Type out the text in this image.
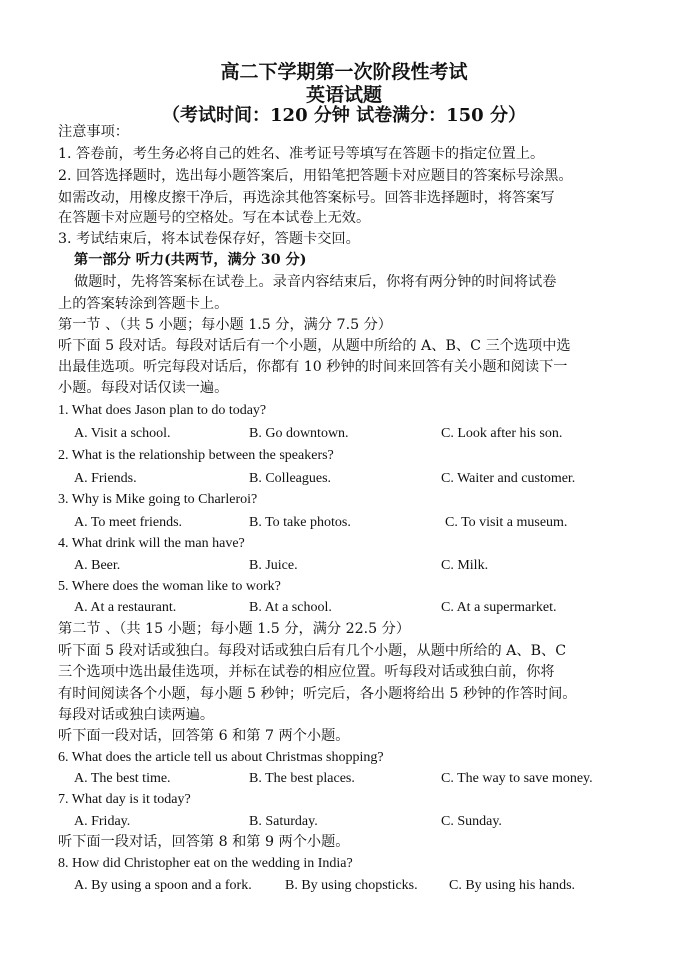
高二下学期第一次阶段性考试
英语试题
（考试时间：120 分钟 试卷满分：150 分）
注意事项：
1. 答卷前，考生务必将自己的姓名、准考证号等填写在答题卡的指定位置上。
2. 回答选择题时，选出每小题答案后，用铅笔把答题卡对应题目的答案标号涂黑。
如需改动，用橡皮擦干净后，再选涂其他答案标号。回答非选择题时，将答案写
在答题卡对应题号的空格处。写在本试卷上无效。
3. 考试结束后，将本试卷保存好，答题卡交回。
第一部分 听力(共两节，满分 30 分)
做题时，先将答案标在试卷上。录音内容结束后，你将有两分钟的时间将试卷
上的答案转涂到答题卡上。
第一节 、（共 5 小题；每小题 1.5 分，满分 7.5 分）
听下面 5 段对话。每段对话后有一个小题，从题中所给的 A、B、C 三个选项中选
出最佳选项。听完每段对话后，你都有 10 秒钟的时间来回答有关小题和阅读下一
小题。每段对话仅读一遍。
1. What does Jason plan to do today?
A. Visit a school.	B. Go downtown.	C. Look after his son.
2. What is the relationship between the speakers?
A. Friends.	B. Colleagues.	C. Waiter and customer.
3. Why is Mike going to Charleroi?
A. To meet friends.	B. To take photos.	C. To visit a museum.
4. What drink will the man have?
A. Beer.	B. Juice.	C. Milk.
5. Where does the woman like to work?
A. At a restaurant.	B. At a school.	C. At a supermarket.
第二节 、（共 15 小题；每小题 1.5 分，满分 22.5 分）
听下面 5 段对话或独白。每段对话或独白后有几个小题，从题中所给的 A、B、C
三个选项中选出最佳选项，并标在试卷的相应位置。听每段对话或独白前，你将
有时间阅读各个小题，每小题 5 秒钟；听完后，各小题将给出 5 秒钟的作答时间。
每段对话或独白读两遍。
听下面一段对话，回答第 6 和第 7 两个小题。
6. What does the article tell us about Christmas shopping?
A. The best time.	B. The best places.	C. The way to save money.
7. What day is it today?
A. Friday.	B. Saturday.	C. Sunday.
听下面一段对话，回答第 8 和第 9 两个小题。
8. How did Christopher eat on the wedding in India?
A. By using a spoon and a fork. B. By using chopsticks. C. By using his hands.
